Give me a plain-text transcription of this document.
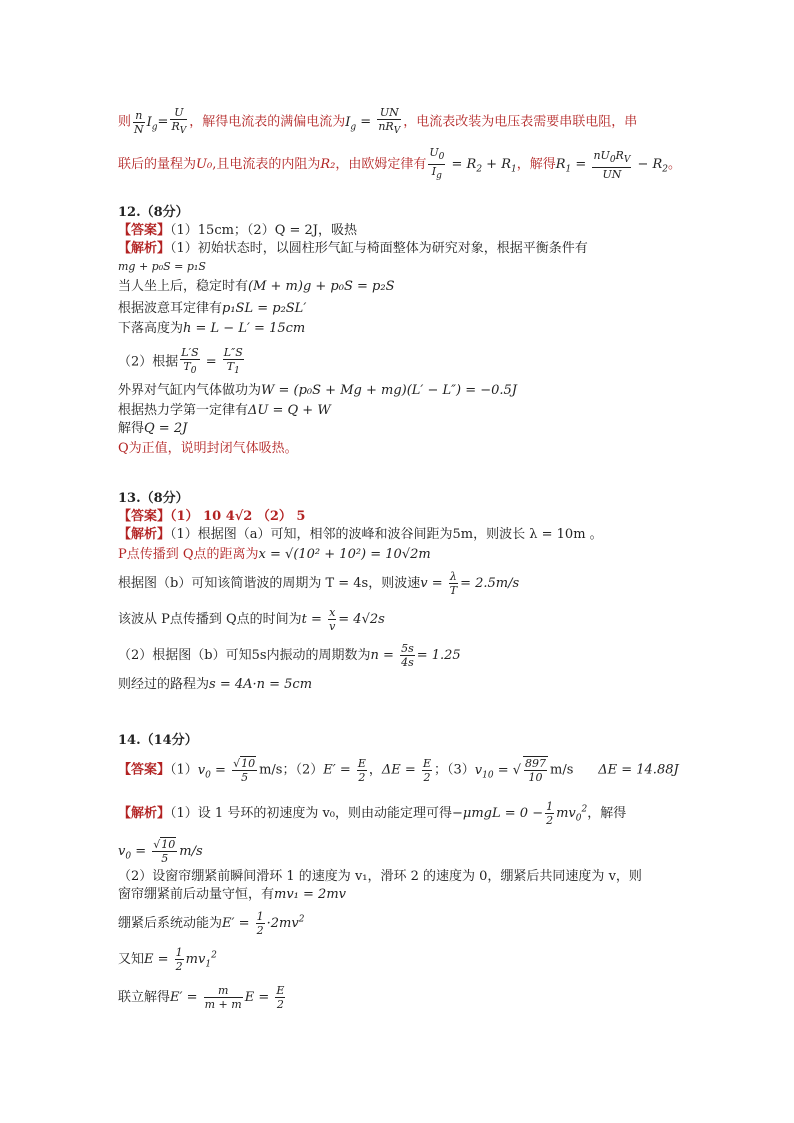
则 $\frac{n}{N} I_g= \frac{U}{R_V}$ ，解得电流表的满偏电流为$I_g = \frac{UN}{nR_V}$ ，电流表改装为电压表需要串联电阻，串
联后的量程为U₀,且电流表的内阻为R₂，由欧姆定律有 $\frac{U_0}{I_g} = R_2 + R_1$，解得$R_1 = \frac{nU_0R_V}{UN} - R_2$。
12.（8分）
【答案】（1）15cm；（2）Q = 2J，吸热
【解析】（1）初始状态时，以圆柱形气缸与椅面整体为研究对象，根据平衡条件有
mg + p₀S = p₁S
当人坐上后，稳定时有(M + m)g + p₀S = p₂S
根据波意耳定律有p₁SL = p₂SL′
下落高度为h = L − L′ = 15cm
（2）根据 $\frac{L'S}{T_0} = \frac{L''S}{T_1}$
外界对气缸内气体做功为W = (p₀S + Mg + mg)(L′ − L″) = −0.5J
根据热力学第一定律有ΔU = Q + W
解得Q = 2J
Q为正值，说明封闭气体吸热。
13.（8分）
【答案】（1） 10 4√2 （2） 5
【解析】（1）根据图（a）可知，相邻的波峰和波谷间距为5m，则波长 λ = 10m 。
P点传播到 Q点的距离为x = √(10² + 10²) = 10√2m
根据图（b）可知该简谐波的周期为 T = 4s，则波速$v = \frac{\lambda}{T} = 2.5m/s$
该波从 P点传播到 Q点的时间为$t = \frac{x}{v} = 4√2s$
（2）根据图（b）可知5s内振动的周期数为$n = \frac{5s}{4s} = 1.25$
则经过的路程为s = 4A·n = 5cm
14.（14分）
【答案】$(1)v_0 = \frac{√10}{5} m/s$；$(2)E' = \frac{E}{2}$ ，$\Delta E = \frac{E}{2}$ ；$(3)v_{10}$ = √ $\frac{897}{10} m/s$ ΔE = 14.88J
【解析】（1）设 1 号环的初速度为 v₀，则由动能定理可得$-\mu mgL = 0 - \frac{1}{2} mv_0^2$，解得
$v_0 = \frac{√10}{5} m/s$
（2）设窗帘绷紧前瞬间滑环 1 的速度为 v₁，滑环 2 的速度为 0，绷紧后共同速度为 v，则
窗帘绷紧前后动量守恒，有mv₁ = 2mv
绷紧后系统动能为$E' = \frac{1}{2} \cdot 2mv^2$
又知$E = \frac{1}{2} mv_1^2$
联立解得$E' = \frac{m}{m + m}$ $E = \frac{E}{2}$
